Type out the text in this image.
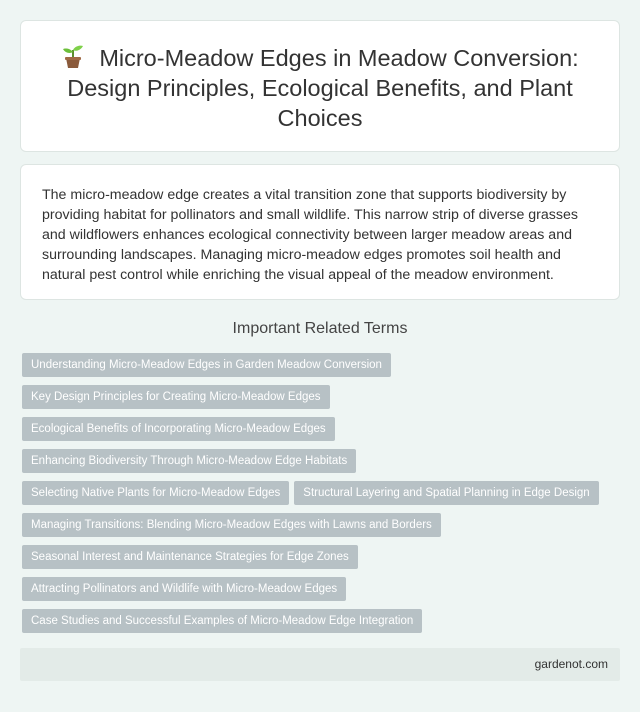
Micro-Meadow Edges in Meadow Conversion: Design Principles, Ecological Benefits, and Plant Choices

The micro-meadow edge creates a vital transition zone that supports biodiversity by providing habitat for pollinators and small wildlife. This narrow strip of diverse grasses and wildflowers enhances ecological connectivity between larger meadow areas and surrounding landscapes. Managing micro-meadow edges promotes soil health and natural pest control while enriching the visual appeal of the meadow environment.

Important Related Terms
Understanding Micro-Meadow Edges in Garden Meadow Conversion
Key Design Principles for Creating Micro-Meadow Edges
Ecological Benefits of Incorporating Micro-Meadow Edges
Enhancing Biodiversity Through Micro-Meadow Edge Habitats
Selecting Native Plants for Micro-Meadow Edges Structural Layering and Spatial Planning in Edge Design
Managing Transitions: Blending Micro-Meadow Edges with Lawns and Borders
Seasonal Interest and Maintenance Strategies for Edge Zones
Attracting Pollinators and Wildlife with Micro-Meadow Edges
Case Studies and Successful Examples of Micro-Meadow Edge Integration
gardenot.com
